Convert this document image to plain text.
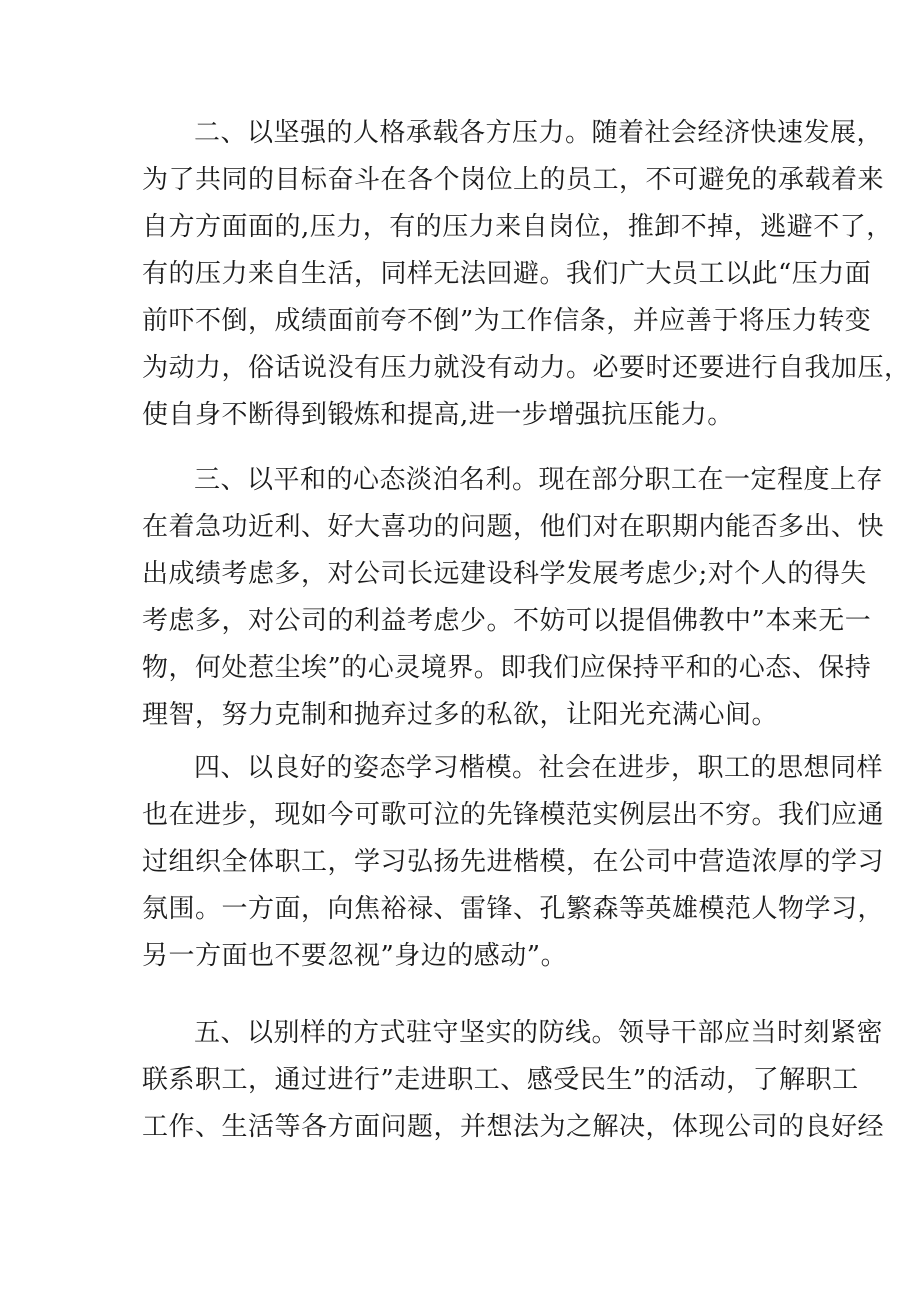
二、以坚强的人格承载各方压力。随着社会经济快速发展，
为了共同的目标奋斗在各个岗位上的员工，不可避免的承载着来
自方方面面的,压力，有的压力来自岗位，推卸不掉，逃避不了，
有的压力来自生活，同样无法回避。我们广大员工以此“压力面
前吓不倒，成绩面前夸不倒”为工作信条，并应善于将压力转变
为动力，俗话说没有压力就没有动力。必要时还要进行自我加压，
使自身不断得到锻炼和提高,进一步增强抗压能力。
三、以平和的心态淡泊名利。现在部分职工在一定程度上存
在着急功近利、好大喜功的问题，他们对在职期内能否多出、快
出成绩考虑多，对公司长远建设科学发展考虑少;对个人的得失
考虑多，对公司的利益考虑少。不妨可以提倡佛教中”本来无一
物，何处惹尘埃”的心灵境界。即我们应保持平和的心态、保持
理智，努力克制和抛弃过多的私欲，让阳光充满心间。
四、以良好的姿态学习楷模。社会在进步，职工的思想同样
也在进步，现如今可歌可泣的先锋模范实例层出不穷。我们应通
过组织全体职工，学习弘扬先进楷模，在公司中营造浓厚的学习
氛围。一方面，向焦裕禄、雷锋、孔繁森等英雄模范人物学习，
另一方面也不要忽视”身边的感动”。
五、以别样的方式驻守坚实的防线。领导干部应当时刻紧密
联系职工，通过进行”走进职工、感受民生”的活动，了解职工
工作、生活等各方面问题，并想法为之解决，体现公司的良好经
